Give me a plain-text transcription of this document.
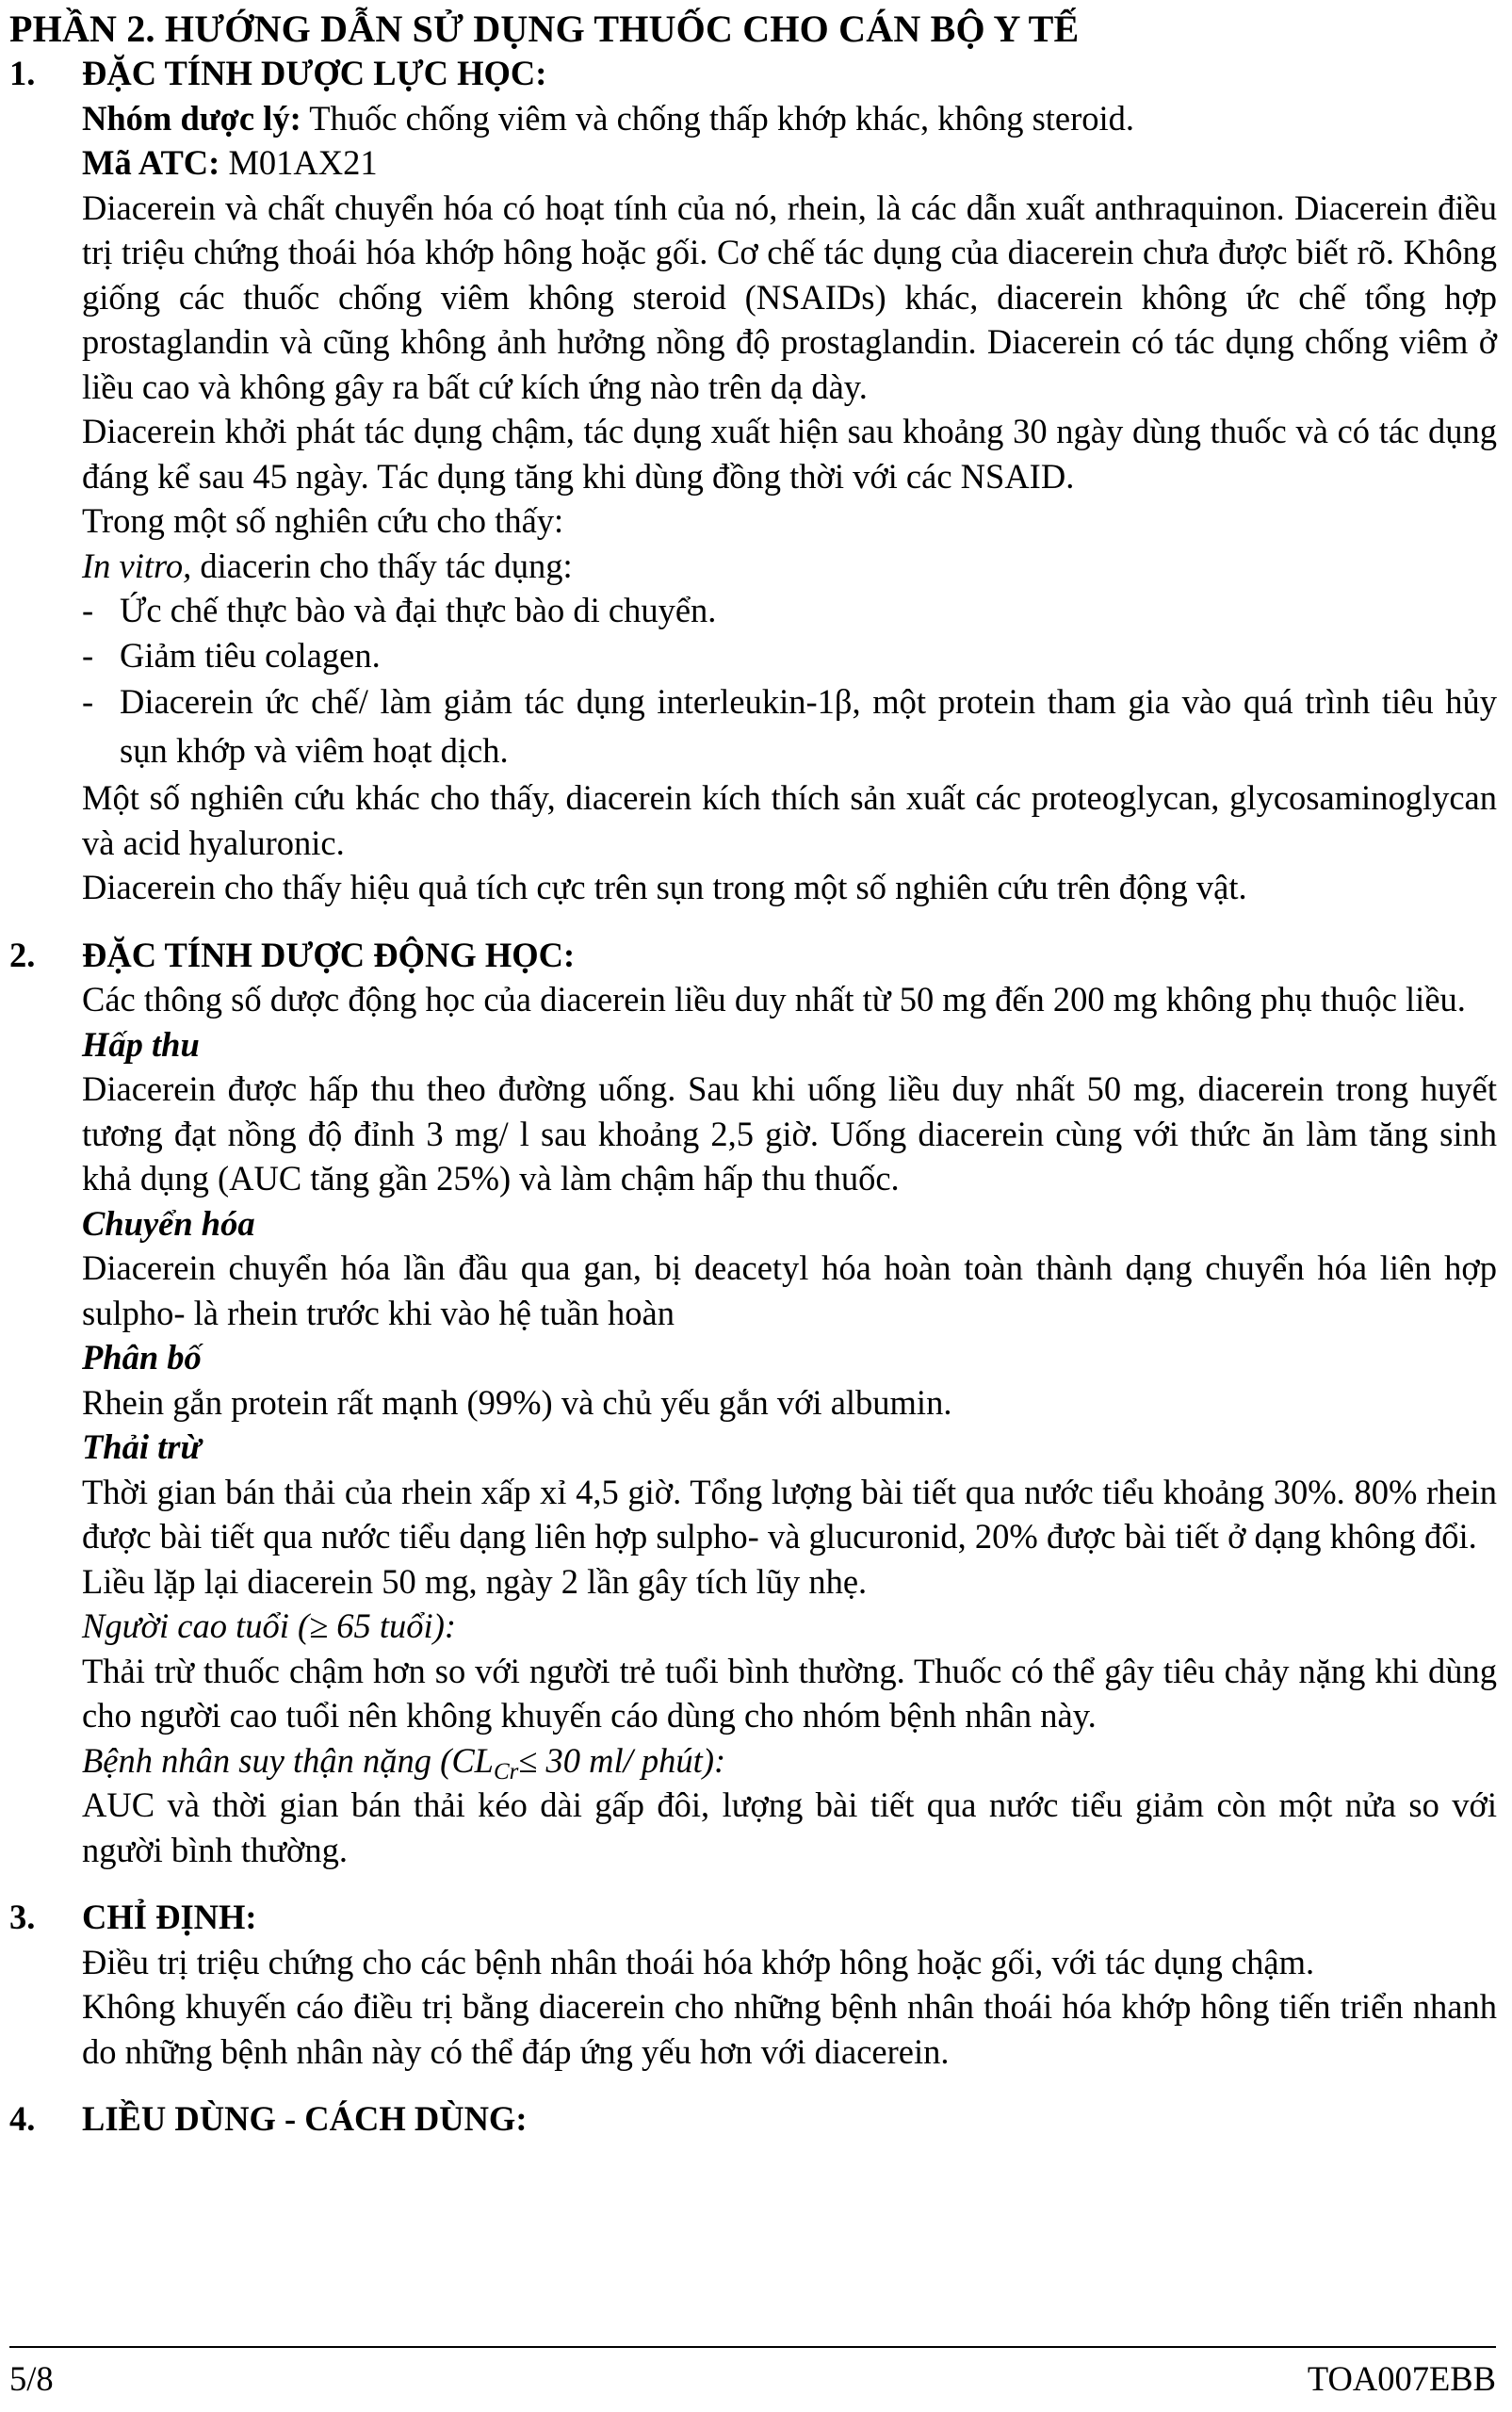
PHẦN 2. HƯỚNG DẪN SỬ DỤNG THUỐC CHO CÁN BỘ Y TẾ

1.	ĐẶC TÍNH DƯỢC LỰC HỌC:

Nhóm dược lý: Thuốc chống viêm và chống thấp khớp khác, không steroid.

Mã ATC: M01AX21

Diacerein và chất chuyển hóa có hoạt tính của nó, rhein, là các dẫn xuất anthraquinon. Diacerein điều trị triệu chứng thoái hóa khớp hông hoặc gối. Cơ chế tác dụng của diacerein chưa được biết rõ. Không giống các thuốc chống viêm không steroid (NSAIDs) khác, diacerein không ức chế tổng hợp prostaglandin và cũng không ảnh hưởng nồng độ prostaglandin. Diacerein có tác dụng chống viêm ở liều cao và không gây ra bất cứ kích ứng nào trên dạ dày.

Diacerein khởi phát tác dụng chậm, tác dụng xuất hiện sau khoảng 30 ngày dùng thuốc và có tác dụng đáng kể sau 45 ngày. Tác dụng tăng khi dùng đồng thời với các NSAID.

Trong một số nghiên cứu cho thấy:

In vitro, diacerin cho thấy tác dụng:

- Ức chế thực bào và đại thực bào di chuyển.
- Giảm tiêu colagen.
- Diacerein ức chế/ làm giảm tác dụng interleukin-1β, một protein tham gia vào quá trình tiêu hủy sụn khớp và viêm hoạt dịch.

Một số nghiên cứu khác cho thấy, diacerein kích thích sản xuất các proteoglycan, glycosaminoglycan và acid hyaluronic.

Diacerein cho thấy hiệu quả tích cực trên sụn trong một số nghiên cứu trên động vật.

2.	ĐẶC TÍNH DƯỢC ĐỘNG HỌC:

Các thông số dược động học của diacerein liều duy nhất từ 50 mg đến 200 mg không phụ thuộc liều.

Hấp thu

Diacerein được hấp thu theo đường uống. Sau khi uống liều duy nhất 50 mg, diacerein trong huyết tương đạt nồng độ đỉnh 3 mg/ l sau khoảng 2,5 giờ. Uống diacerein cùng với thức ăn làm tăng sinh khả dụng (AUC tăng gần 25%) và làm chậm hấp thu thuốc.

Chuyển hóa

Diacerein chuyển hóa lần đầu qua gan, bị deacetyl hóa hoàn toàn thành dạng chuyển hóa liên hợp sulpho- là rhein trước khi vào hệ tuần hoàn

Phân bố

Rhein gắn protein rất mạnh (99%) và chủ yếu gắn với albumin.

Thải trừ

Thời gian bán thải của rhein xấp xỉ 4,5 giờ. Tổng lượng bài tiết qua nước tiểu khoảng 30%. 80% rhein được bài tiết qua nước tiểu dạng liên hợp sulpho- và glucuronid, 20% được bài tiết ở dạng không đổi.

Liều lặp lại diacerein 50 mg, ngày 2 lần gây tích lũy nhẹ.

Người cao tuổi (≥ 65 tuổi):

Thải trừ thuốc chậm hơn so với người trẻ tuổi bình thường. Thuốc có thể gây tiêu chảy nặng khi dùng cho người cao tuổi nên không khuyến cáo dùng cho nhóm bệnh nhân này.

Bệnh nhân suy thận nặng ($CL_{Cr}\le 30$ ml/ phút):

AUC và thời gian bán thải kéo dài gấp đôi, lượng bài tiết qua nước tiểu giảm còn một nửa so với người bình thường.

3.	CHỈ ĐỊNH:

Điều trị triệu chứng cho các bệnh nhân thoái hóa khớp hông hoặc gối, với tác dụng chậm.

Không khuyến cáo điều trị bằng diacerein cho những bệnh nhân thoái hóa khớp hông tiến triển nhanh do những bệnh nhân này có thể đáp ứng yếu hơn với diacerein.

4.	LIỀU DÙNG - CÁCH DÙNG:
5/8	TOA007EBB
